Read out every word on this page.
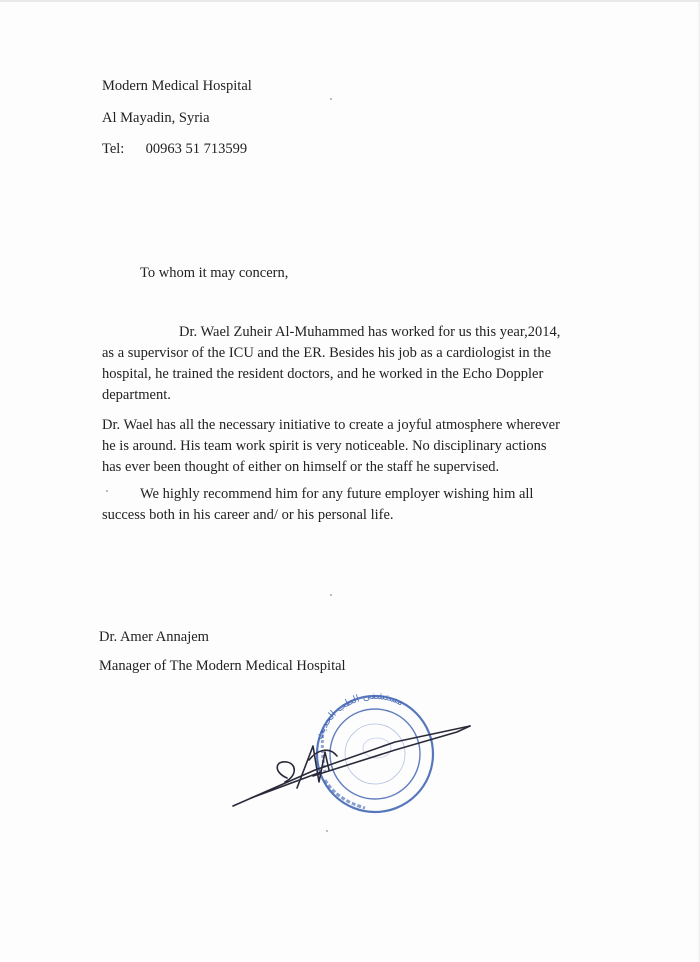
Modern Medical Hospital
Al Mayadin, Syria
Tel: 00963 51 713599
To whom it may concern,
Dr. Wael Zuheir Al-Muhammed has worked for us this year,2014,
as a supervisor of the ICU and the ER. Besides his job as a cardiologist in the
hospital, he trained the resident doctors, and he worked in the Echo Doppler
department.
Dr. Wael has all the necessary initiative to create a joyful atmosphere wherever
he is around. His team work spirit is very noticeable. No disciplinary actions
has ever been thought of either on himself or the staff he supervised.
We highly recommend him for any future employer wishing him all
success both in his career and/ or his personal life.
Dr. Amer Annajem
Manager of The Modern Medical Hospital
مستشفى الطب الحديث
